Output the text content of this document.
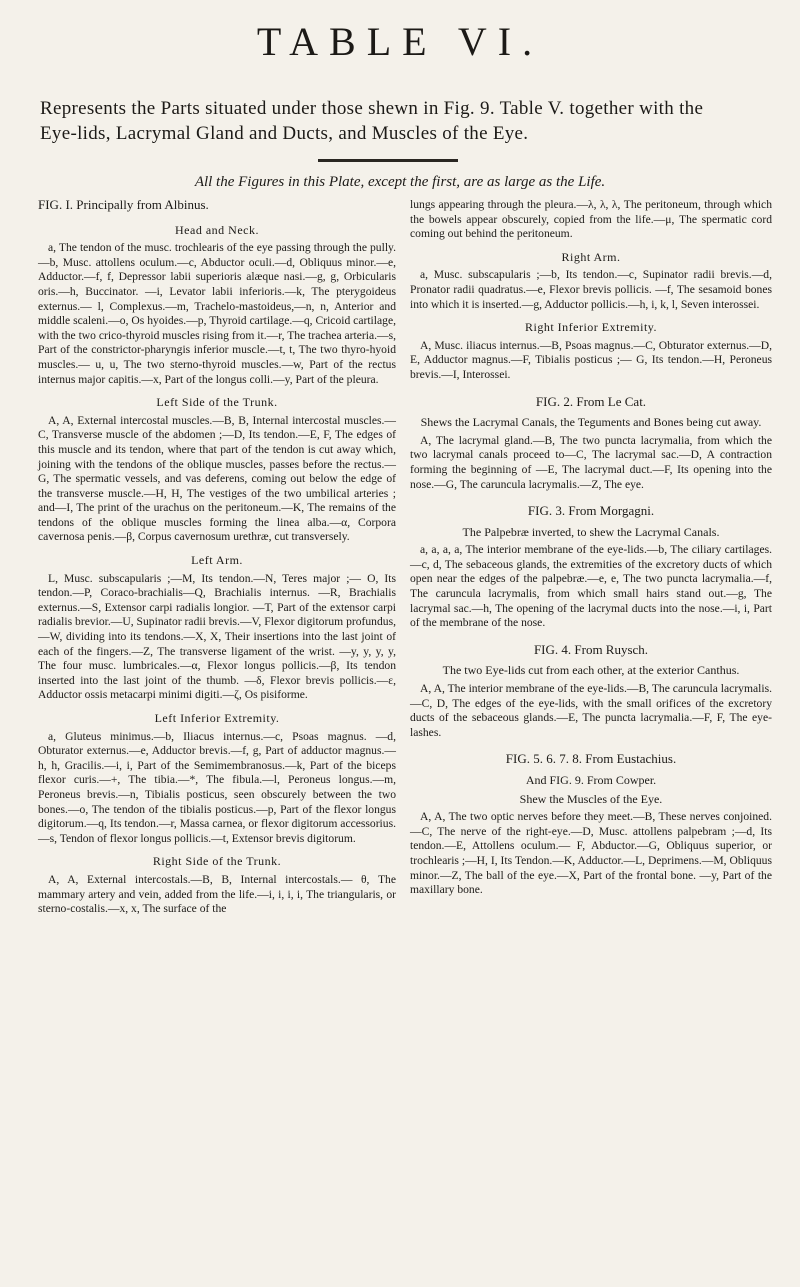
TABLE VI.
Represents the Parts situated under those shewn in Fig. 9. Table V. together with the
Eye-lids, Lacrymal Gland and Ducts, and Muscles of the Eye.
All the Figures in this Plate, except the first, are as large as the Life.
FIG. I. Principally from Albinus.
Head and Neck.

a, The tendon of the musc. trochlearis of the eye passing through the pully.—b, Musc. attollens oculum.—c, Abductor oculi.—d, Obliquus minor.—e, Adductor.—f, f, Depressor labii superioris alæque nasi.—g, g, Orbicularis oris.—h, Buccinator. —i, Levator labii inferioris.—k, The pterygoideus externus.— l, Complexus.—m, Trachelo-mastoideus,—n, n, Anterior and middle scaleni.—o, Os hyoides.—p, Thyroid cartilage.—q, Cricoid cartilage, with the two crico-thyroid muscles rising from it.—r, The trachea arteria.—s, Part of the constrictor-pharyngis inferior muscle.—t, t, The two thyro-hyoid muscles.— u, u, The two sterno-thyroid muscles.—w, Part of the rectus internus major capitis.—x, Part of the longus colli.—y, Part of the pleura.

Left Side of the Trunk.

A, A, External intercostal muscles.—B, B, Internal intercostal muscles.—C, Transverse muscle of the abdomen ;—D, Its tendon.—E, F, The edges of this muscle and its tendon, where that part of the tendon is cut away which, joining with the tendons of the oblique muscles, passes before the rectus.—G, The spermatic vessels, and vas deferens, coming out below the edge of the transverse muscle.—H, H, The vestiges of the two umbilical arteries ; and—I, The print of the urachus on the peritoneum.—K, The remains of the tendons of the oblique muscles forming the linea alba.—α, Corpora cavernosa penis.—β, Corpus cavernosum urethræ, cut transversely.

Left Arm.

L, Musc. subscapularis ;—M, Its tendon.—N, Teres major ;— O, Its tendon.—P, Coraco-brachialis—Q, Brachialis internus. —R, Brachialis externus.—S, Extensor carpi radialis longior. —T, Part of the extensor carpi radialis brevior.—U, Supinator radii brevis.—V, Flexor digitorum profundus,—W, dividing into its tendons.—X, X, Their insertions into the last joint of each of the fingers.—Z, The transverse ligament of the wrist. —y, y, y, y, The four musc. lumbricales.—α, Flexor longus pollicis.—β, Its tendon inserted into the last joint of the thumb. —δ, Flexor brevis pollicis.—ε, Adductor ossis metacarpi minimi digiti.—ζ, Os pisiforme.

Left Inferior Extremity.

a, Gluteus minimus.—b, Iliacus internus.—c, Psoas magnus. —d, Obturator externus.—e, Adductor brevis.—f, g, Part of adductor magnus.—h, h, Gracilis.—i, i, Part of the Semimembranosus.—k, Part of the biceps flexor curis.—+, The tibia.—*, The fibula.—l, Peroneus longus.—m, Peroneus brevis.—n, Tibialis posticus, seen obscurely between the two bones.—o, The tendon of the tibialis posticus.—p, Part of the flexor longus digitorum.—q, Its tendon.—r, Massa carnea, or flexor digitorum accessorius.—s, Tendon of flexor longus pollicis.—t, Extensor brevis digitorum.

Right Side of the Trunk.

A, A, External intercostals.—B, B, Internal intercostals.— θ, The mammary artery and vein, added from the life.—i, i, i, i, The triangularis, or sterno-costalis.—x, x, The surface of the

lungs appearing through the pleura.—λ, λ, λ, The peritoneum, through which the bowels appear obscurely, copied from the life.—μ, The spermatic cord coming out behind the peritoneum.

Right Arm.

a, Musc. subscapularis ;—b, Its tendon.—c, Supinator radii brevis.—d, Pronator radii quadratus.—e, Flexor brevis pollicis. —f, The sesamoid bones into which it is inserted.—g, Adductor pollicis.—h, i, k, l, Seven interossei.

Right Inferior Extremity.

A, Musc. iliacus internus.—B, Psoas magnus.—C, Obturator externus.—D, E, Adductor magnus.—F, Tibialis posticus ;— G, Its tendon.—H, Peroneus brevis.—I, Interossei.

FIG. 2. From Le Cat.
Shews the Lacrymal Canals, the Teguments and Bones being cut away.

A, The lacrymal gland.—B, The two puncta lacrymalia, from which the two lacrymal canals proceed to—C, The lacrymal sac.—D, A contraction forming the beginning of —E, The lacrymal duct.—F, Its opening into the nose.—G, The caruncula lacrymalis.—Z, The eye.

FIG. 3. From Morgagni.
The Palpebræ inverted, to shew the Lacrymal Canals.

a, a, a, a, The interior membrane of the eye-lids.—b, The ciliary cartilages.—c, d, The sebaceous glands, the extremities of the excretory ducts of which open near the edges of the palpebræ.—e, e, The two puncta lacrymalia.—f, The caruncula lacrymalis, from which small hairs stand out.—g, The lacrymal sac.—h, The opening of the lacrymal ducts into the nose.—i, i, Part of the membrane of the nose.

FIG. 4. From Ruysch.
The two Eye-lids cut from each other, at the exterior Canthus.

A, A, The interior membrane of the eye-lids.—B, The caruncula lacrymalis.—C, D, The edges of the eye-lids, with the small orifices of the excretory ducts of the sebaceous glands.—E, The puncta lacrymalia.—F, F, The eye-lashes.

FIG. 5. 6. 7. 8. From Eustachius.
And FIG. 9. From Cowper.
Shew the Muscles of the Eye.

A, A, The two optic nerves before they meet.—B, These nerves conjoined.—C, The nerve of the right-eye.—D, Musc. attollens palpebram ;—d, Its tendon.—E, Attollens oculum.— F, Abductor.—G, Obliquus superior, or trochlearis ;—H, I, Its Tendon.—K, Adductor.—L, Deprimens.—M, Obliquus minor.—Z, The ball of the eye.—X, Part of the frontal bone. —y, Part of the maxillary bone.
